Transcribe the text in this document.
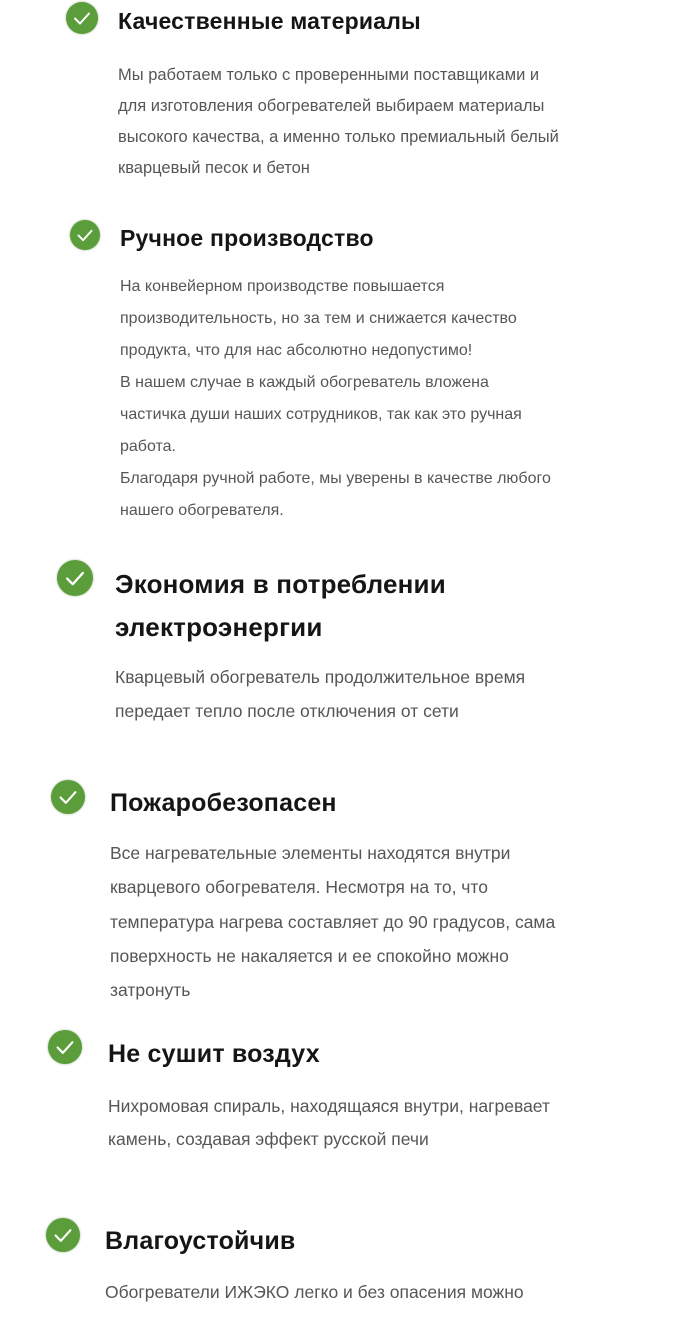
Качественные материалы
Мы работаем только с проверенными поставщиками и
для изготовления обогревателей выбираем материалы
высокого качества, а именно только премиальный белый
кварцевый песок и бетон
Ручное производство
На конвейерном производстве повышается
производительность, но за тем и снижается качество
продукта, что для нас абсолютно недопустимо!
В нашем случае в каждый обогреватель вложена
частичка души наших сотрудников, так как это ручная
работа.
Благодаря ручной работе, мы уверены в качестве любого
нашего обогревателя.
Экономия в потреблении
электроэнергии
Кварцевый обогреватель продолжительное время
передает тепло после отключения от сети
Пожаробезопасен
Все нагревательные элементы находятся внутри
кварцевого обогревателя. Несмотря на то, что
температура нагрева составляет до 90 градусов, сама
поверхность не накаляется и ее спокойно можно
затронуть
Не сушит воздух
Нихромовая спираль, находящаяся внутри, нагревает
камень, создавая эффект русской печи
Влагоустойчив
Обогреватели ИЖЭКО легко и без опасения можно
